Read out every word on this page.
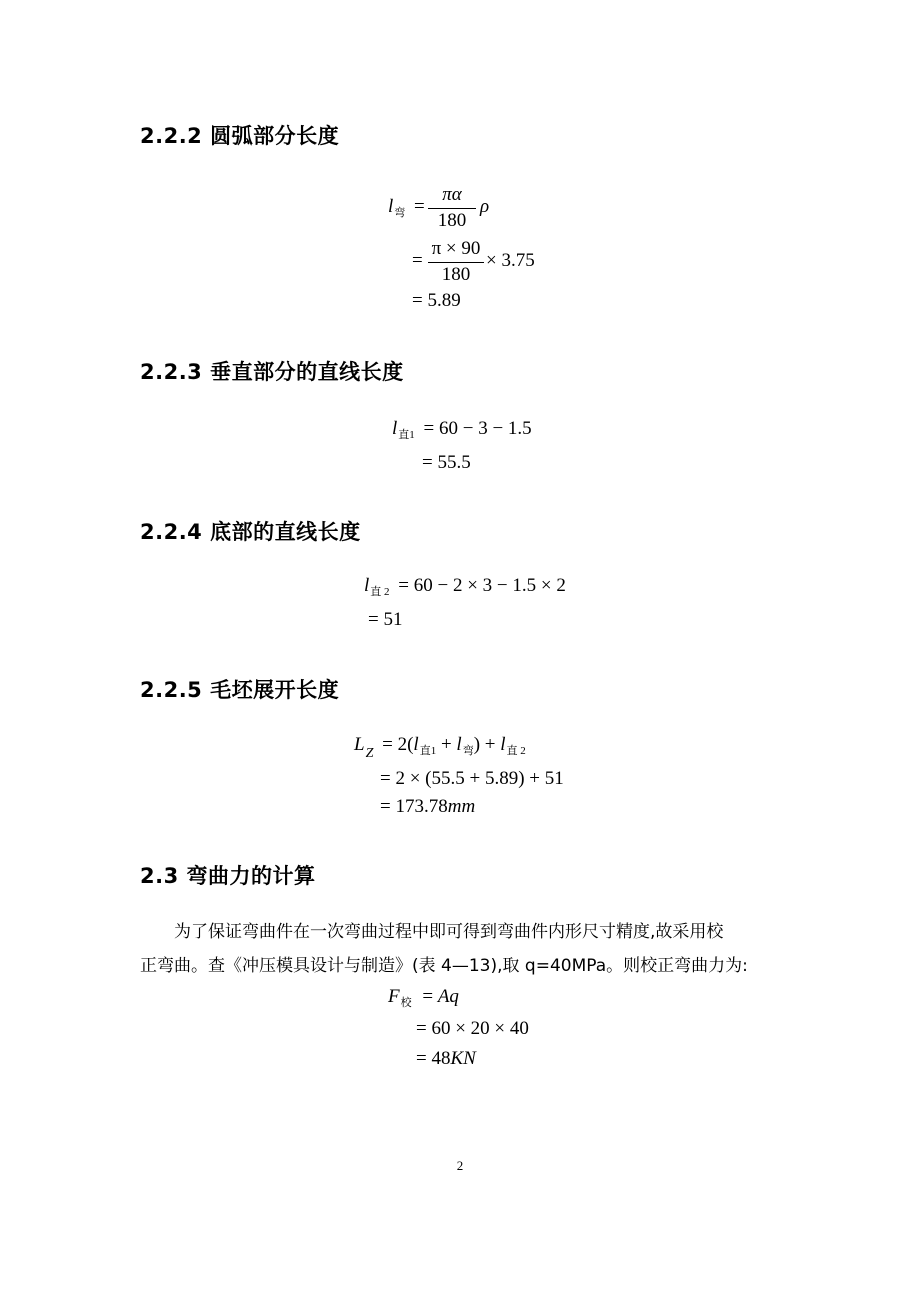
2.2.2 圆弧部分长度
$l_弯$ =
πα
180
ρ
=
π × 90
180
× 3.75
= 5.89
2.2.3 垂直部分的直线长度
$l_{直1} = 60 - 3 - 1.5$
= 55.5
2.2.4 底部的直线长度
$l_{直 2} = 60 - 2 \times 3 - 1.5 \times 2$
= 51
2.2.5 毛坯展开长度
$L_Z = 2(l_{直1} + l_弯) + l_{直 2}$
= 2 × (55.5 + 5.89) + 51
= 173.78mm
2.3 弯曲力的计算

为了保证弯曲件在一次弯曲过程中即可得到弯曲件内形尺寸精度,故采用校

正弯曲。查《冲压模具设计与制造》(表 4—13),取 q=40MPa。则校正弯曲力为:

$F_校 = Aq$
= 60 × 20 × 40
= 48KN
2
